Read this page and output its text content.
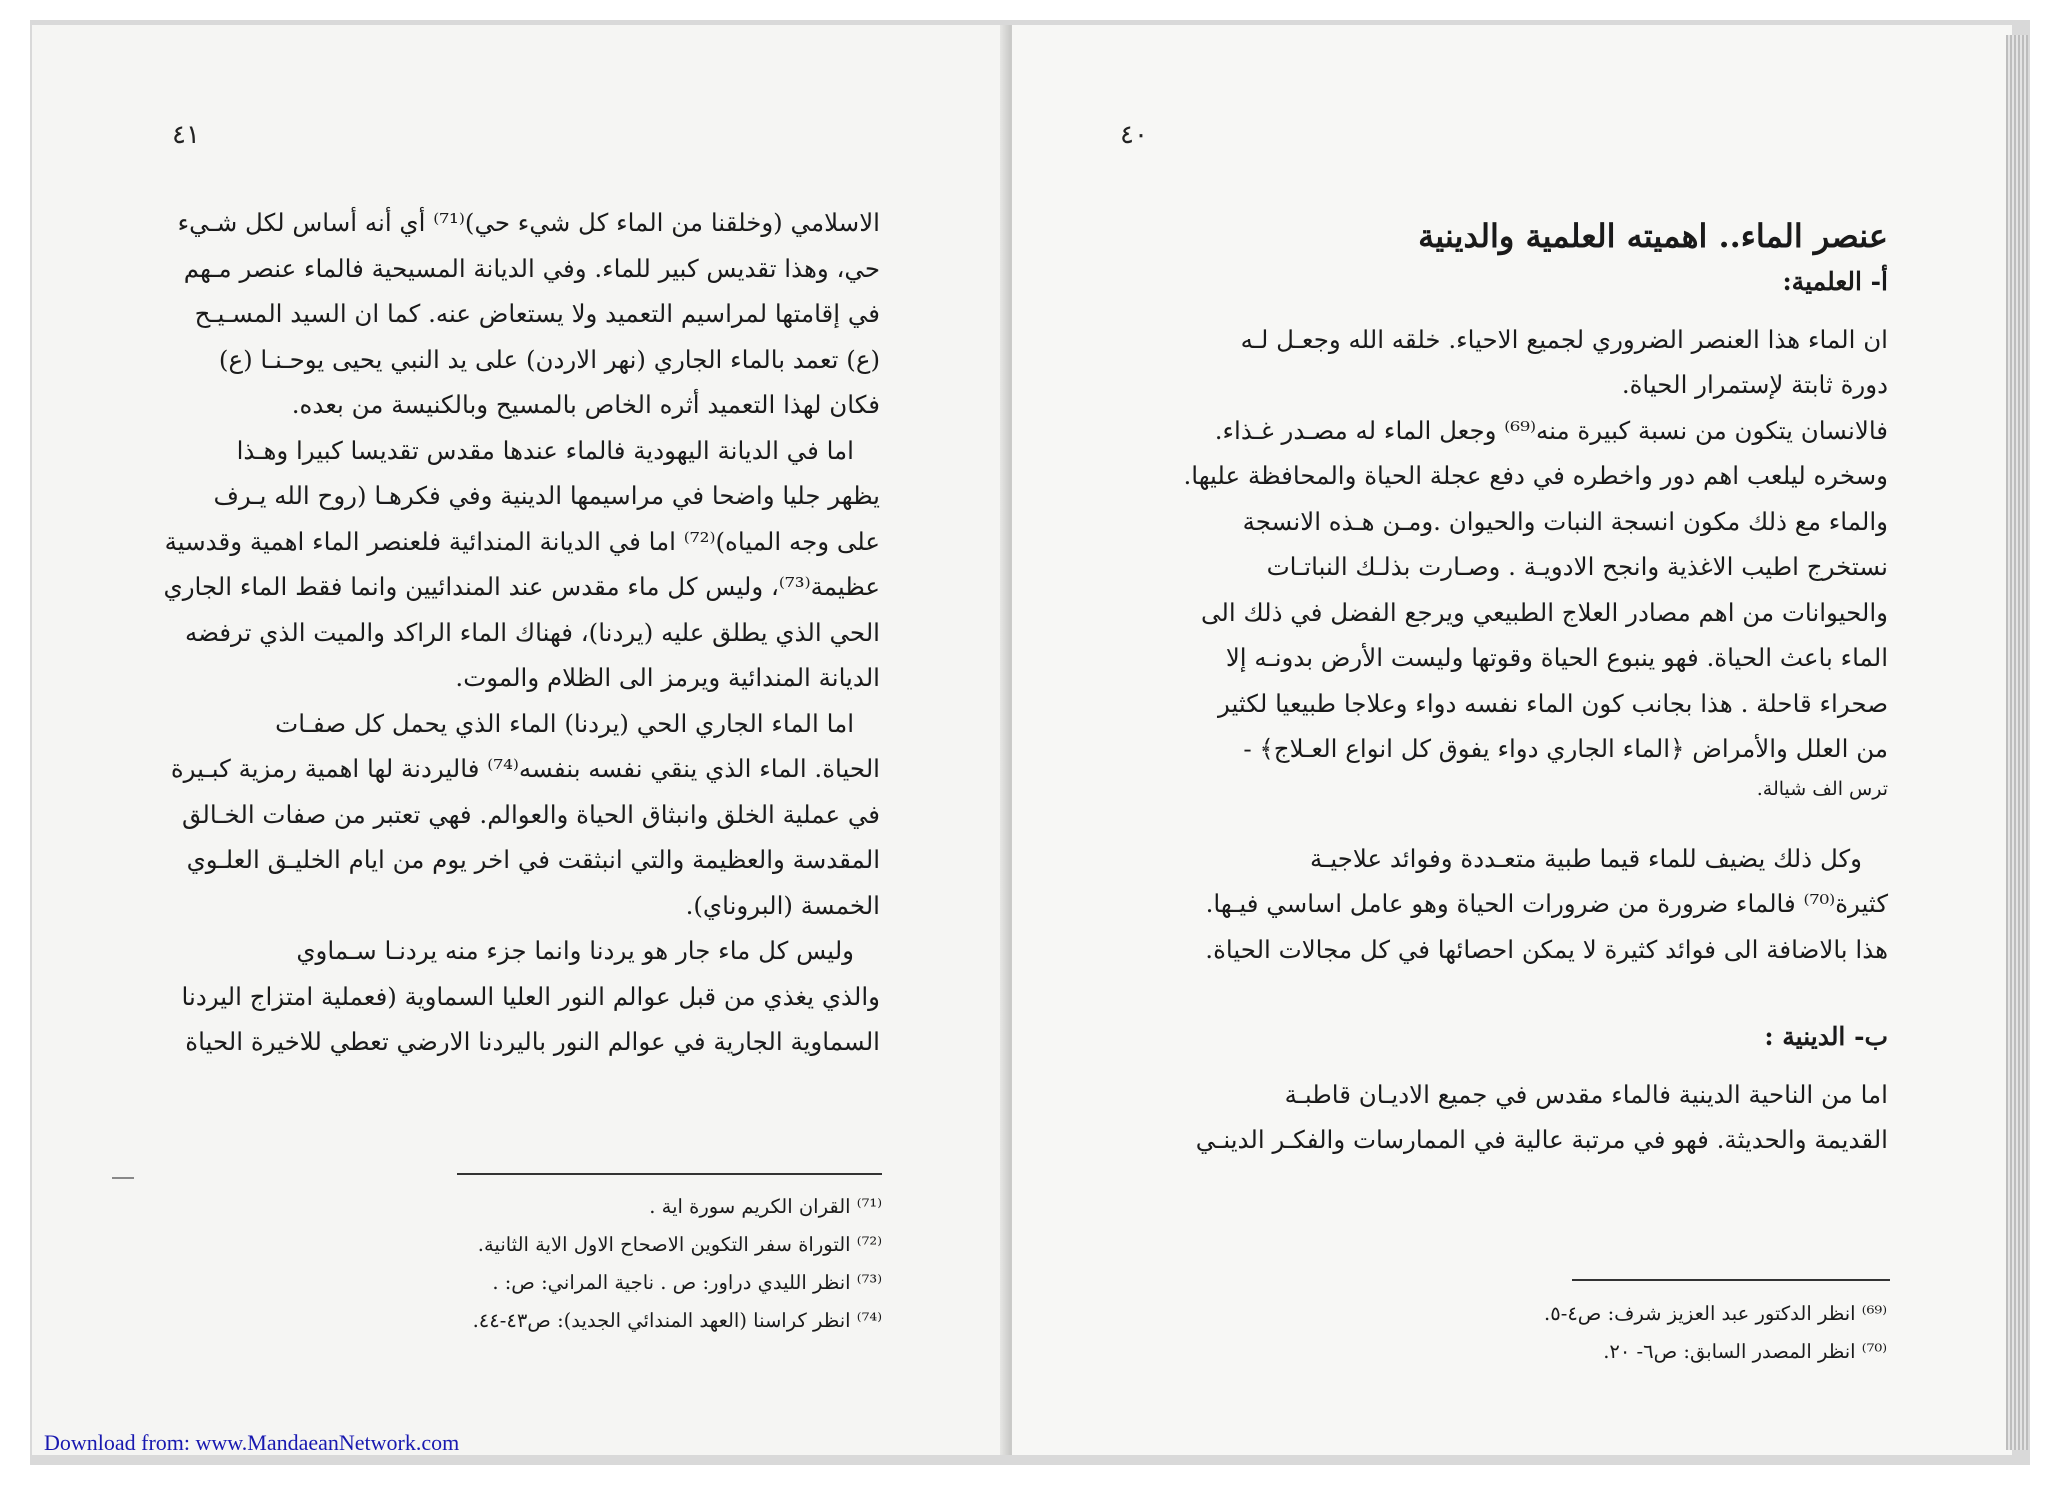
٤١

الاسلامي (وخلقنا من الماء كل شيء حي)⁽⁷¹⁾ أي أنه أساس لكل شـيء

حي، وهذا تقديس كبير للماء. وفي الديانة المسيحية فالماء عنصر مـهم

في إقامتها لمراسيم التعميد ولا يستعاض عنه. كما ان السيد المسـيـح

(ع) تعمد بالماء الجاري (نهر الاردن) على يد النبي يحيى يوحـنـا (ع)

فكان لهذا التعميد أثره الخاص بالمسيح وبالكنيسة من بعده.

اما في الديانة اليهودية فالماء عندها مقدس تقديسا كبيرا وهـذا

يظهر جليا واضحا في مراسيمها الدينية وفي فكرهـا (روح الله يـرف

على وجه المياه)⁽⁷²⁾ اما في الديانة المندائية فلعنصر الماء اهمية وقدسية

عظيمة⁽⁷³⁾، وليس كل ماء مقدس عند المندائيين وانما فقط الماء الجاري

الحي الذي يطلق عليه (يردنا)، فهناك الماء الراكد والميت الذي ترفضه

الديانة المندائية ويرمز الى الظلام والموت.

اما الماء الجاري الحي (يردنا) الماء الذي يحمل كل صفـات

الحياة. الماء الذي ينقي نفسه بنفسه⁽⁷⁴⁾ فاليردنة لها اهمية رمزية كبـيرة

في عملية الخلق وانبثاق الحياة والعوالم. فهي تعتبر من صفات الخـالق

المقدسة والعظيمة والتي انبثقت في اخر يوم من ايام الخليـق العلـوي

الخمسة (البروناي).

وليس كل ماء جار هو يردنا وانما جزء منه يردنـا سـماوي

والذي يغذي من قبل عوالم النور العليا السماوية (فعملية امتزاج اليردنا

السماوية الجارية في عوالم النور باليردنا الارضي تعطي للاخيرة الحياة

⁽⁷¹⁾ القران الكريم سورة اية .

⁽⁷²⁾ التوراة سفر التكوين الاصحاح الاول الاية الثانية.

⁽⁷³⁾ انظر الليدي دراور: ص . ناجية المراني: ص: .

⁽⁷⁴⁾ انظر كراسنا (العهد المندائي الجديد): ص٤٣-٤٤.

٤٠

عنصر الماء.. اهميته العلمية والدينية

أ- العلمية:

ان الماء هذا العنصر الضروري لجميع الاحياء. خلقه الله وجعـل لـه

دورة ثابتة لإستمرار الحياة.

فالانسان يتكون من نسبة كبيرة منه⁽⁶⁹⁾ وجعل الماء له مصـدر غـذاء.

وسخره ليلعب اهم دور واخطره في دفع عجلة الحياة والمحافظة عليها.

والماء مع ذلك مكون انسجة النبات والحيوان .ومـن هـذه الانسجة

نستخرج اطيب الاغذية وانجح الادويـة . وصـارت بذلـك النباتـات

والحيوانات من اهم مصادر العلاج الطبيعي ويرجع الفضل في ذلك الى

الماء باعث الحياة. فهو ينبوع الحياة وقوتها وليست الأرض بدونـه إلا

صحراء قاحلة . هذا بجانب كون الماء نفسه دواء وعلاجا طبيعيا لكثير

من العلل والأمراض ﴿الماء الجاري دواء يفوق كل انواع العـلاج﴾ -

ترس الف شيالة.

وكل ذلك يضيف للماء قيما طبية متعـددة وفوائد علاجيـة

كثيرة⁽⁷⁰⁾ فالماء ضرورة من ضرورات الحياة وهو عامل اساسي فيـها.

هذا بالاضافة الى فوائد كثيرة لا يمكن احصائها في كل مجالات الحياة.

ب- الدينية :

اما من الناحية الدينية فالماء مقدس في جميع الاديـان قاطبـة

القديمة والحديثة. فهو في مرتبة عالية في الممارسات والفكـر الدينـي

⁽⁶⁹⁾ انظر الدكتور عبد العزيز شرف: ص٤-٥.

⁽⁷⁰⁾ انظر المصدر السابق: ص٦- ٢٠.

Download from: www.MandaeanNetwork.com
